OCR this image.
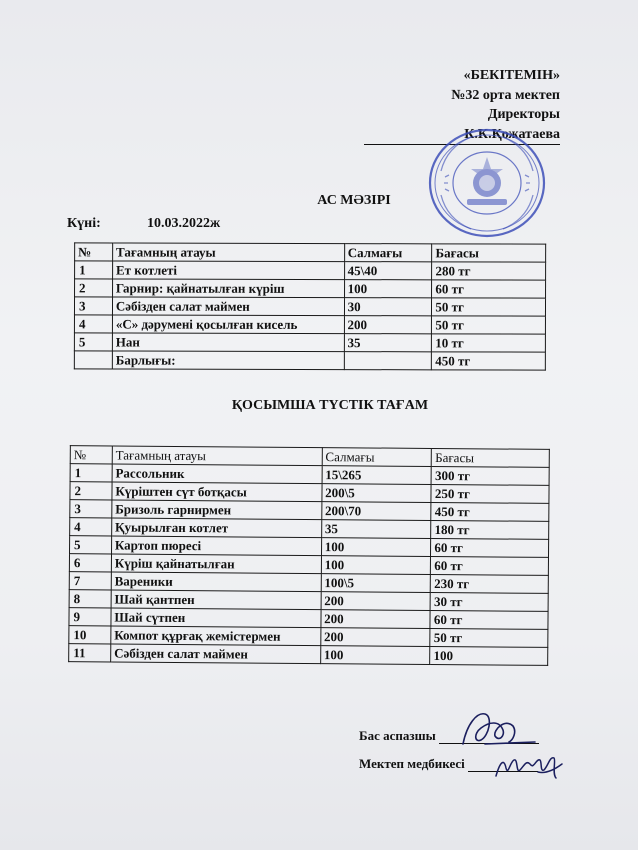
«БЕКІТЕМІН»
№32 орта мектеп
Директоры
К.К.Қожатаева
АС МӘЗІРІ
Күні:	10.03.2022ж
№	Тағамның атауы	Салмағы	Бағасы
1	Ет котлеті	45\40	280 тг
2	Гарнир: қайнатылған күріш	100	60 тг
3	Сәбізден салат маймен	30	50 тг
4	«С» дәрумені қосылған кисель	200	50 тг
5	Нан	35	10 тг
	Барлығы:		450 тг
ҚОСЫМША ТҮСТІК ТАҒАМ
№	Тағамның атауы	Салмағы	Бағасы
1	Рассольник	15\265	300 тг
2	Күріштен сүт ботқасы	200\5	250 тг
3	Бризоль гарнирмен	200\70	450 тг
4	Қуырылған котлет	35	180 тг
5	Картоп пюресі	100	60 тг
6	Күріш қайнатылған	100	60 тг
7	Вареники	100\5	230 тг
8	Шай қантпен	200	30 тг
9	Шай сүтпен	200	60 тг
10	Компот құрғақ жемістермен	200	50 тг
11	Сәбізден салат маймен	100	100
Бас аспазшы
Мектеп медбикесі
